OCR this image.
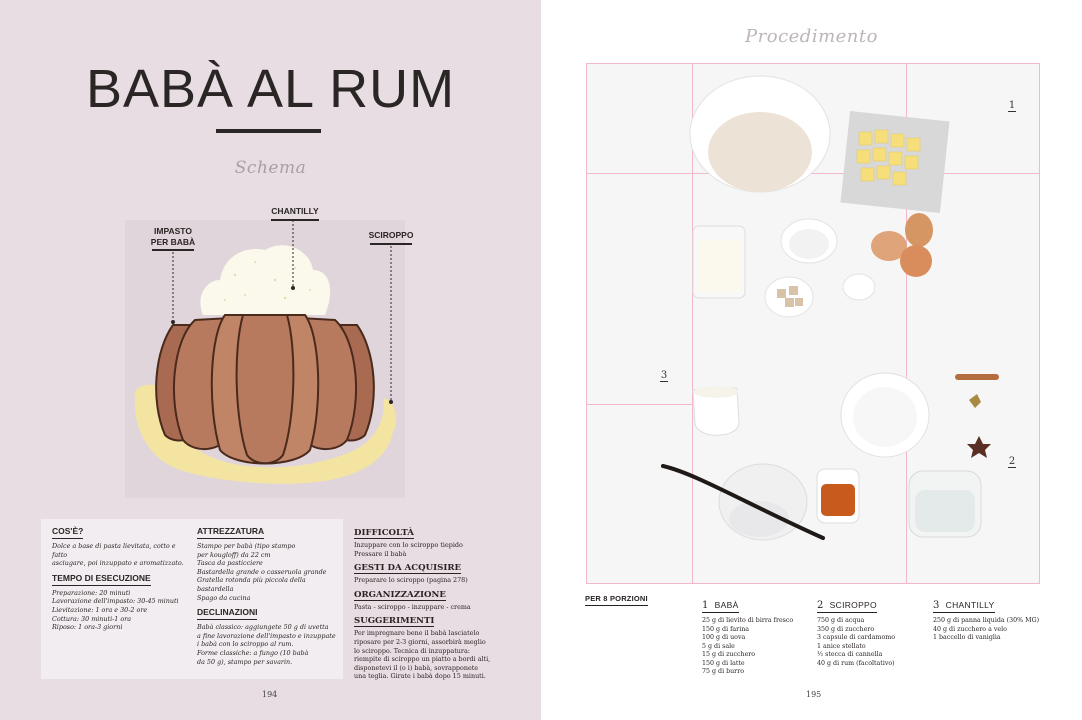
BABÀ AL RUM
Schema
IMPASTO
PER BABÀ
CHANTILLY
SCIROPPO
COS'È?
Dolce a base di pasta lievitata, cotto e fatto
asciugare, poi inzuppato e aromatizzato.
TEMPO DI ESECUZIONE
Preparazione: 20 minuti
Lavorazione dell'impasto: 30-45 minuti
Lievitazione: 1 ora e 30-2 ore
Cottura: 30 minuti-1 ora
Riposo: 1 ora-3 giorni
ATTREZZATURA
Stampo per babà (tipo stampo
per kougloff) da 22 cm
Tasca da pasticciere
Bastardella grande o casseruola grande
Gratella rotonda più piccola della bastardella
Spago da cucina
DECLINAZIONI
Babà classico: aggiungete 50 g di uvetta
a fine lavorazione dell'impasto e inzuppate
i babà con lo sciroppo al rum.
Forme classiche: a fungo (10 babà
da 50 g), stampo per savarin.
DIFFICOLTÀ
Inzuppare con lo sciroppo tiepido
Pressare il babà
GESTI DA ACQUISIRE
Preparare lo sciroppo (pagina 278)
ORGANIZZAZIONE
Pasta - sciroppo - inzuppare - crema
SUGGERIMENTI
Per impregnare bene il babà lasciatelo
riposare per 2-3 giorni, assorbirà meglio
lo sciroppo. Tecnica di inzuppatura:
riempite di sciroppo un piatto a bordi alti,
disponetevi il (o i) babà, sovrapponete
una teglia. Girate i babà dopo 15 minuti.
194
Procedimento
1
2
3
PER 8 PORZIONI
1 BABÀ
25 g di lievito di birra fresco
150 g di farina
100 g di uova
5 g di sale
15 g di zucchero
150 g di latte
75 g di burro
2 SCIROPPO
750 g di acqua
350 g di zucchero
3 capsule di cardamomo
1 anice stellato
½ stecca di cannella
40 g di rum (facoltativo)
3 CHANTILLY
250 g di panna liquida (30% MG)
40 g di zucchero a velo
1 baccello di vaniglia
195
